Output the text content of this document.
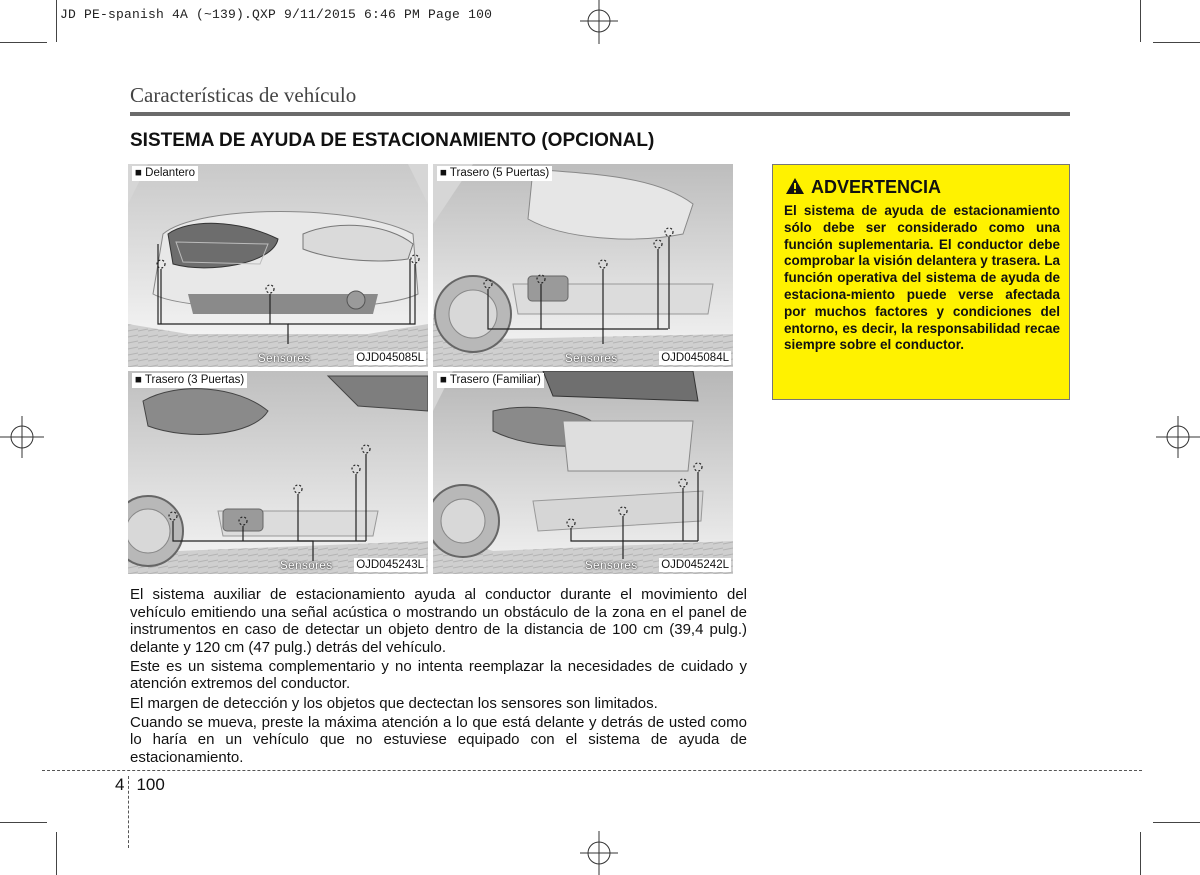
JD PE-spanish 4A (~139).QXP 9/11/2015 6:46 PM Page 100
Características de vehículo
SISTEMA DE AYUDA DE ESTACIONAMIENTO (OPCIONAL)
■ Delantero
Sensores	OJD045085L
■ Trasero (5 Puertas)
Sensores	OJD045084L
■ Trasero (3 Puertas)
Sensores OJD045243L
■ Trasero (Familiar)
Sensores OJD045242L
ADVERTENCIA
El sistema de ayuda de estacionamiento sólo debe ser considerado como una función suplementaria. El conductor debe comprobar la visión delantera y trasera. La función operativa del sistema de ayuda de estaciona-miento puede verse afectada por muchos factores y condiciones del entorno, es decir, la responsabilidad recae siempre sobre el conductor.

El sistema auxiliar de estacionamiento ayuda al conductor durante el movimiento del vehículo emitiendo una señal acústica o mostrando un obstáculo de la zona en el panel de instrumentos en caso de detectar un objeto dentro de la distancia de 100 cm (39,4 pulg.) delante y 120 cm (47 pulg.) detrás del vehículo.

Este es un sistema complementario y no intenta reemplazar la necesidades de cuidado y atención extremos del conductor.

El margen de detección y los objetos que dectectan los sensores son limitados.

Cuando se mueva, preste la máxima atención a lo que está delante y detrás de usted como lo haría en un vehículo que no estuviese equipado con el sistema de ayuda de estacionamiento.

4 100
